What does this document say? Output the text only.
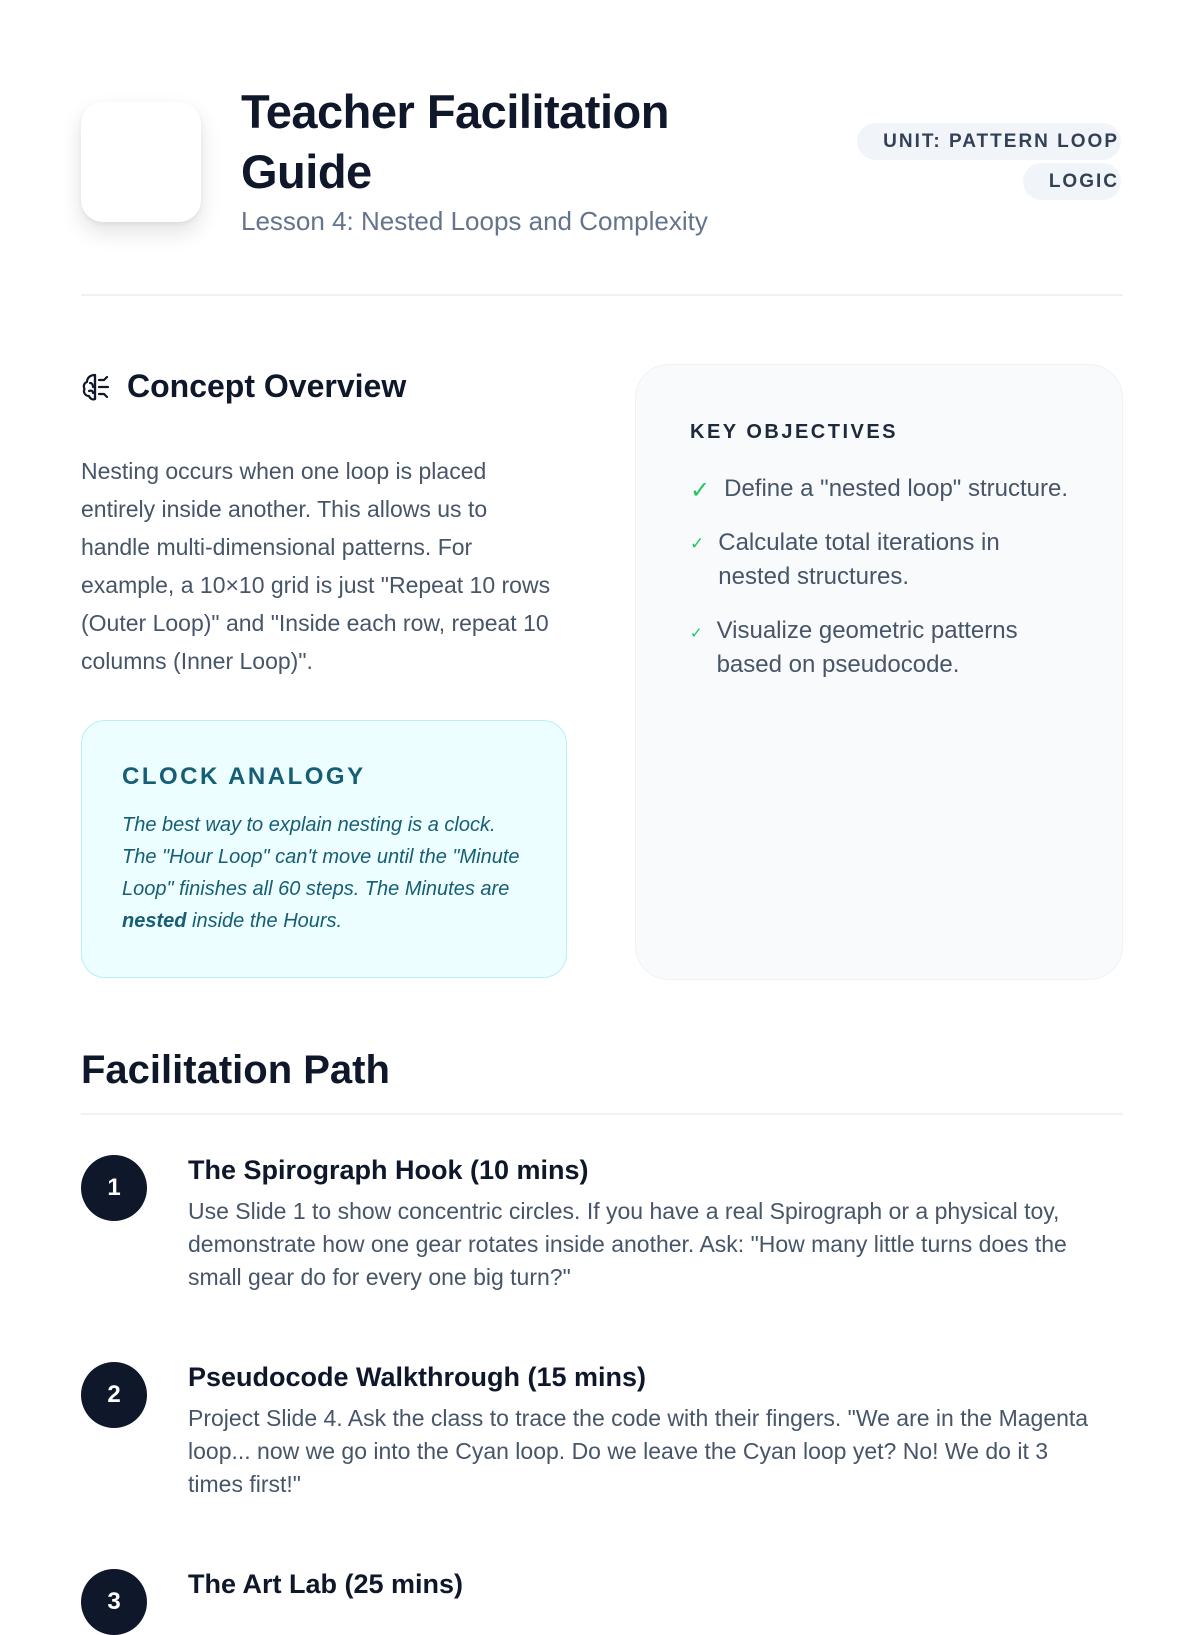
Teacher Facilitation Guide
Lesson 4: Nested Loops and Complexity
UNIT: PATTERN LOOP LOGIC
Concept Overview

Nesting occurs when one loop is placed entirely inside another. This allows us to handle multi-dimensional patterns. For example, a 10×10 grid is just "Repeat 10 rows (Outer Loop)" and "Inside each row, repeat 10 columns (Inner Loop)".

CLOCK ANALOGY

The best way to explain nesting is a clock. The "Hour Loop" can't move until the "Minute Loop" finishes all 60 steps. The Minutes are nested inside the Hours.

KEY OBJECTIVES
✓ Define a "nested loop" structure.
✓ Calculate total iterations in nested structures.
✓ Visualize geometric patterns based on pseudocode.
Facilitation Path
1
The Spirograph Hook (10 mins)

Use Slide 1 to show concentric circles. If you have a real Spirograph or a physical toy, demonstrate how one gear rotates inside another. Ask: "How many little turns does the small gear do for every one big turn?"

2
Pseudocode Walkthrough (15 mins)

Project Slide 4. Ask the class to trace the code with their fingers. "We are in the Magenta loop... now we go into the Cyan loop. Do we leave the Cyan loop yet? No! We do it 3 times first!"

3
The Art Lab (25 mins)
